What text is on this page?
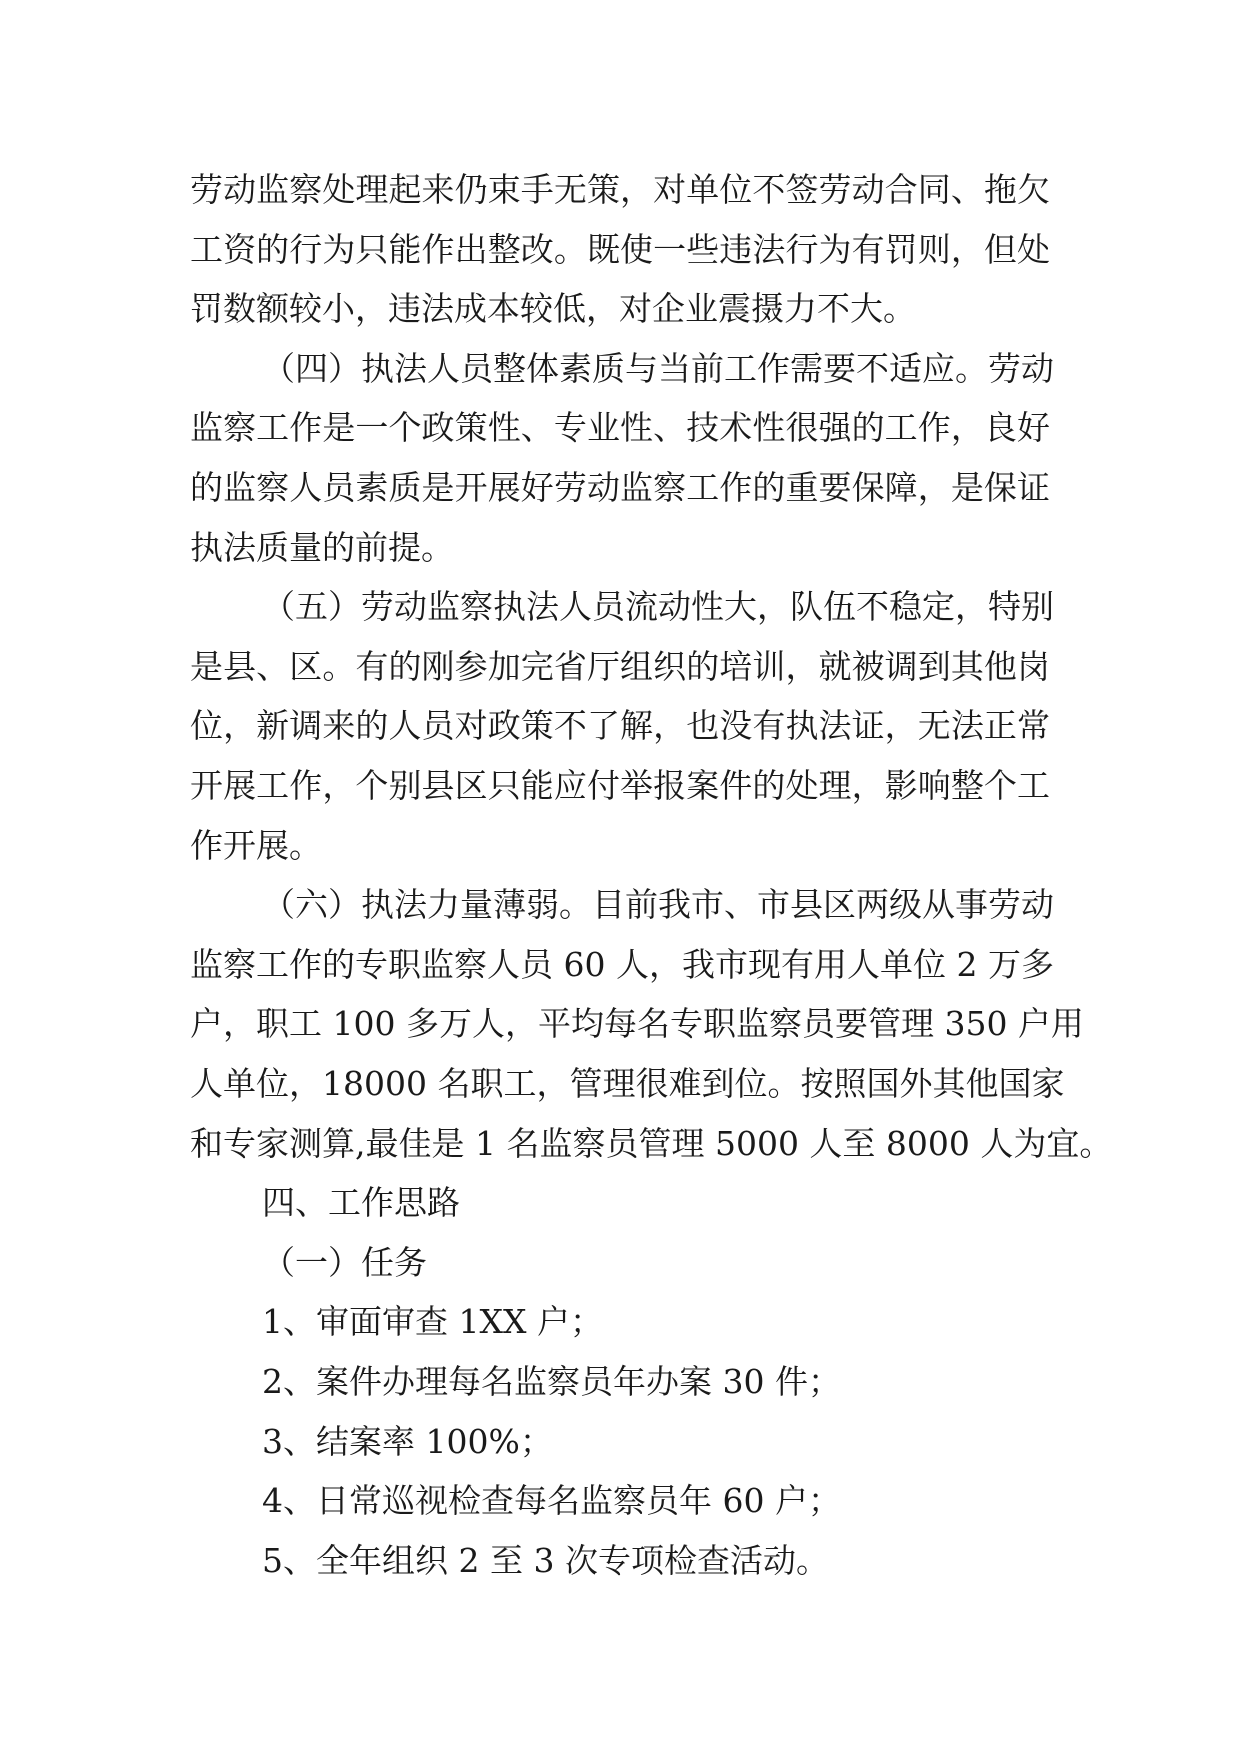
劳动监察处理起来仍束手无策，对单位不签劳动合同、拖欠
工资的行为只能作出整改。既使一些违法行为有罚则，但处
罚数额较小，违法成本较低，对企业震摄力不大。
（四）执法人员整体素质与当前工作需要不适应。劳动
监察工作是一个政策性、专业性、技术性很强的工作，良好
的监察人员素质是开展好劳动监察工作的重要保障，是保证
执法质量的前提。
（五）劳动监察执法人员流动性大，队伍不稳定，特别
是县、区。有的刚参加完省厅组织的培训，就被调到其他岗
位，新调来的人员对政策不了解，也没有执法证，无法正常
开展工作，个别县区只能应付举报案件的处理，影响整个工
作开展。
（六）执法力量薄弱。目前我市、市县区两级从事劳动
监察工作的专职监察人员 60 人，我市现有用人单位 2 万多
户，职工 100 多万人，平均每名专职监察员要管理 350 户用
人单位，18000 名职工，管理很难到位。按照国外其他国家
和专家测算,最佳是 1 名监察员管理 5000 人至 8000 人为宜。
四、工作思路
（一）任务
1、审面审查 1XX 户；
2、案件办理每名监察员年办案 30 件；
3、结案率 100%；
4、日常巡视检查每名监察员年 60 户；
5、全年组织 2 至 3 次专项检查活动。
